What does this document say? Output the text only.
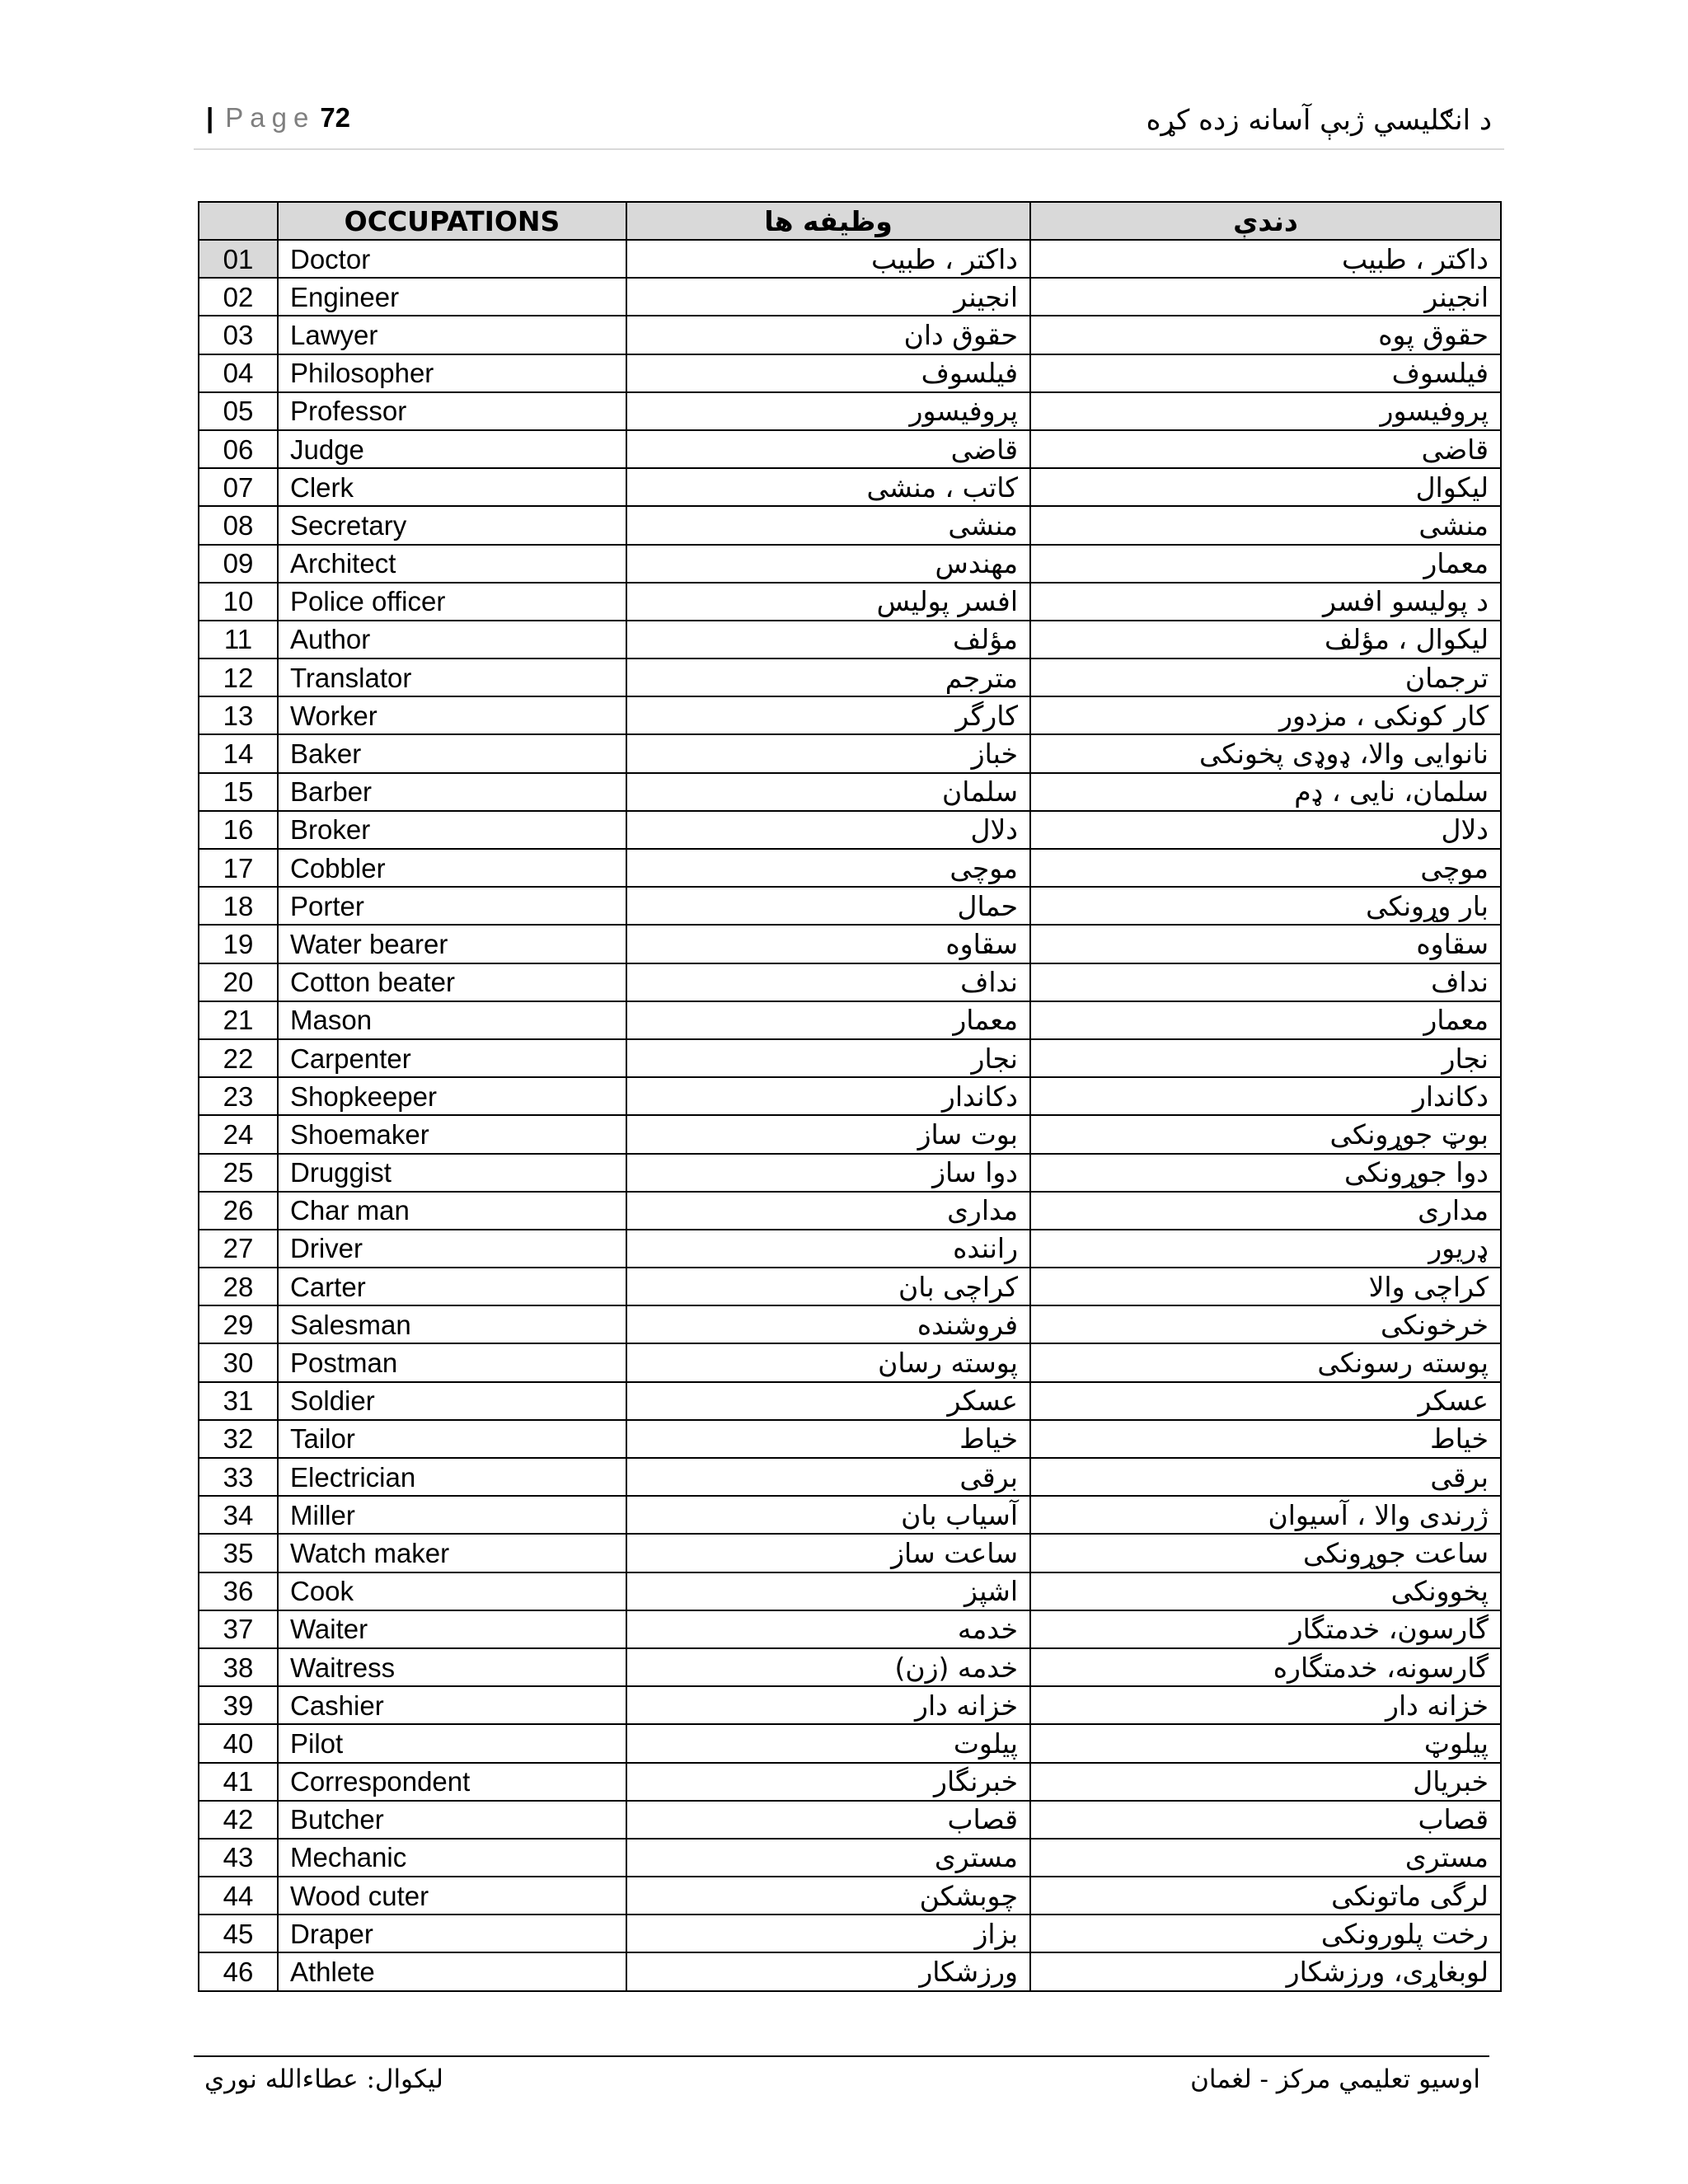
| Page 72	د انګلیسي ژبې آسانه زده کړه
	OCCUPATIONS	وظیفه ها	دندې
01	Doctor	داکتر ، طبیب	داکتر ، طبیب
02	Engineer	انجینر	انجینر
03	Lawyer	حقوق دان	حقوق پوه
04	Philosopher	فیلسوف	فیلسوف
05	Professor	پروفیسور	پروفیسور
06	Judge	قاضی	قاضی
07	Clerk	کاتب ، منشی	لیکوال
08	Secretary	منشی	منشی
09	Architect	مهندس	معمار
10	Police officer	افسر پولیس	د پولیسو افسر
11	Author	مؤلف	لیکوال ، مؤلف
12	Translator	مترجم	ترجمان
13	Worker	کارگر	کار کونکی ، مزدور
14	Baker	خباز	نانوایی والا، ډوډی پخونکی
15	Barber	سلمان	سلمان، نایی ، ډم
16	Broker	دلال	دلال
17	Cobbler	موچی	موچی
18	Porter	حمال	بار وړونکی
19	Water bearer	سقاوه	سقاوه
20	Cotton beater	نداف	نداف
21	Mason	معمار	معمار
22	Carpenter	نجار	نجار
23	Shopkeeper	دکاندار	دکاندار
24	Shoemaker	بوت ساز	بوټ جوړونکی
25	Druggist	دوا ساز	دوا جوړونکی
26	Char man	مداری	مداری
27	Driver	راننده	ډریور
28	Carter	کراچی بان	کراچی والا
29	Salesman	فروشنده	خرخونکی
30	Postman	پوسته رسان	پوسته رسونکی
31	Soldier	عسکر	عسکر
32	Tailor	خیاط	خیاط
33	Electrician	برقی	برقی
34	Miller	آسیاب بان	ژرندی والا ، آسیوان
35	Watch maker	ساعت ساز	ساعت جوړونکی
36	Cook	اشپز	پخوونکی
37	Waiter	خدمه	گارسون، خدمتگار
38	Waitress	خدمه (زن)	گارسونه، خدمتگاره
39	Cashier	خزانه دار	خزانه دار
40	Pilot	پیلوت	پیلوټ
41	Correspondent	خبرنگار	خبریال
42	Butcher	قصاب	قصاب
43	Mechanic	مستری	مستری
44	Wood cuter	چوبشکن	لرگی ماتونکی
45	Draper	بزاز	رخت پلورونکی
46	Athlete	ورزشکار	لوبغاړی، ورزشکار
لیکوال: عطاءالله نوري	اوسیو تعلیمي مرکز - لغمان
